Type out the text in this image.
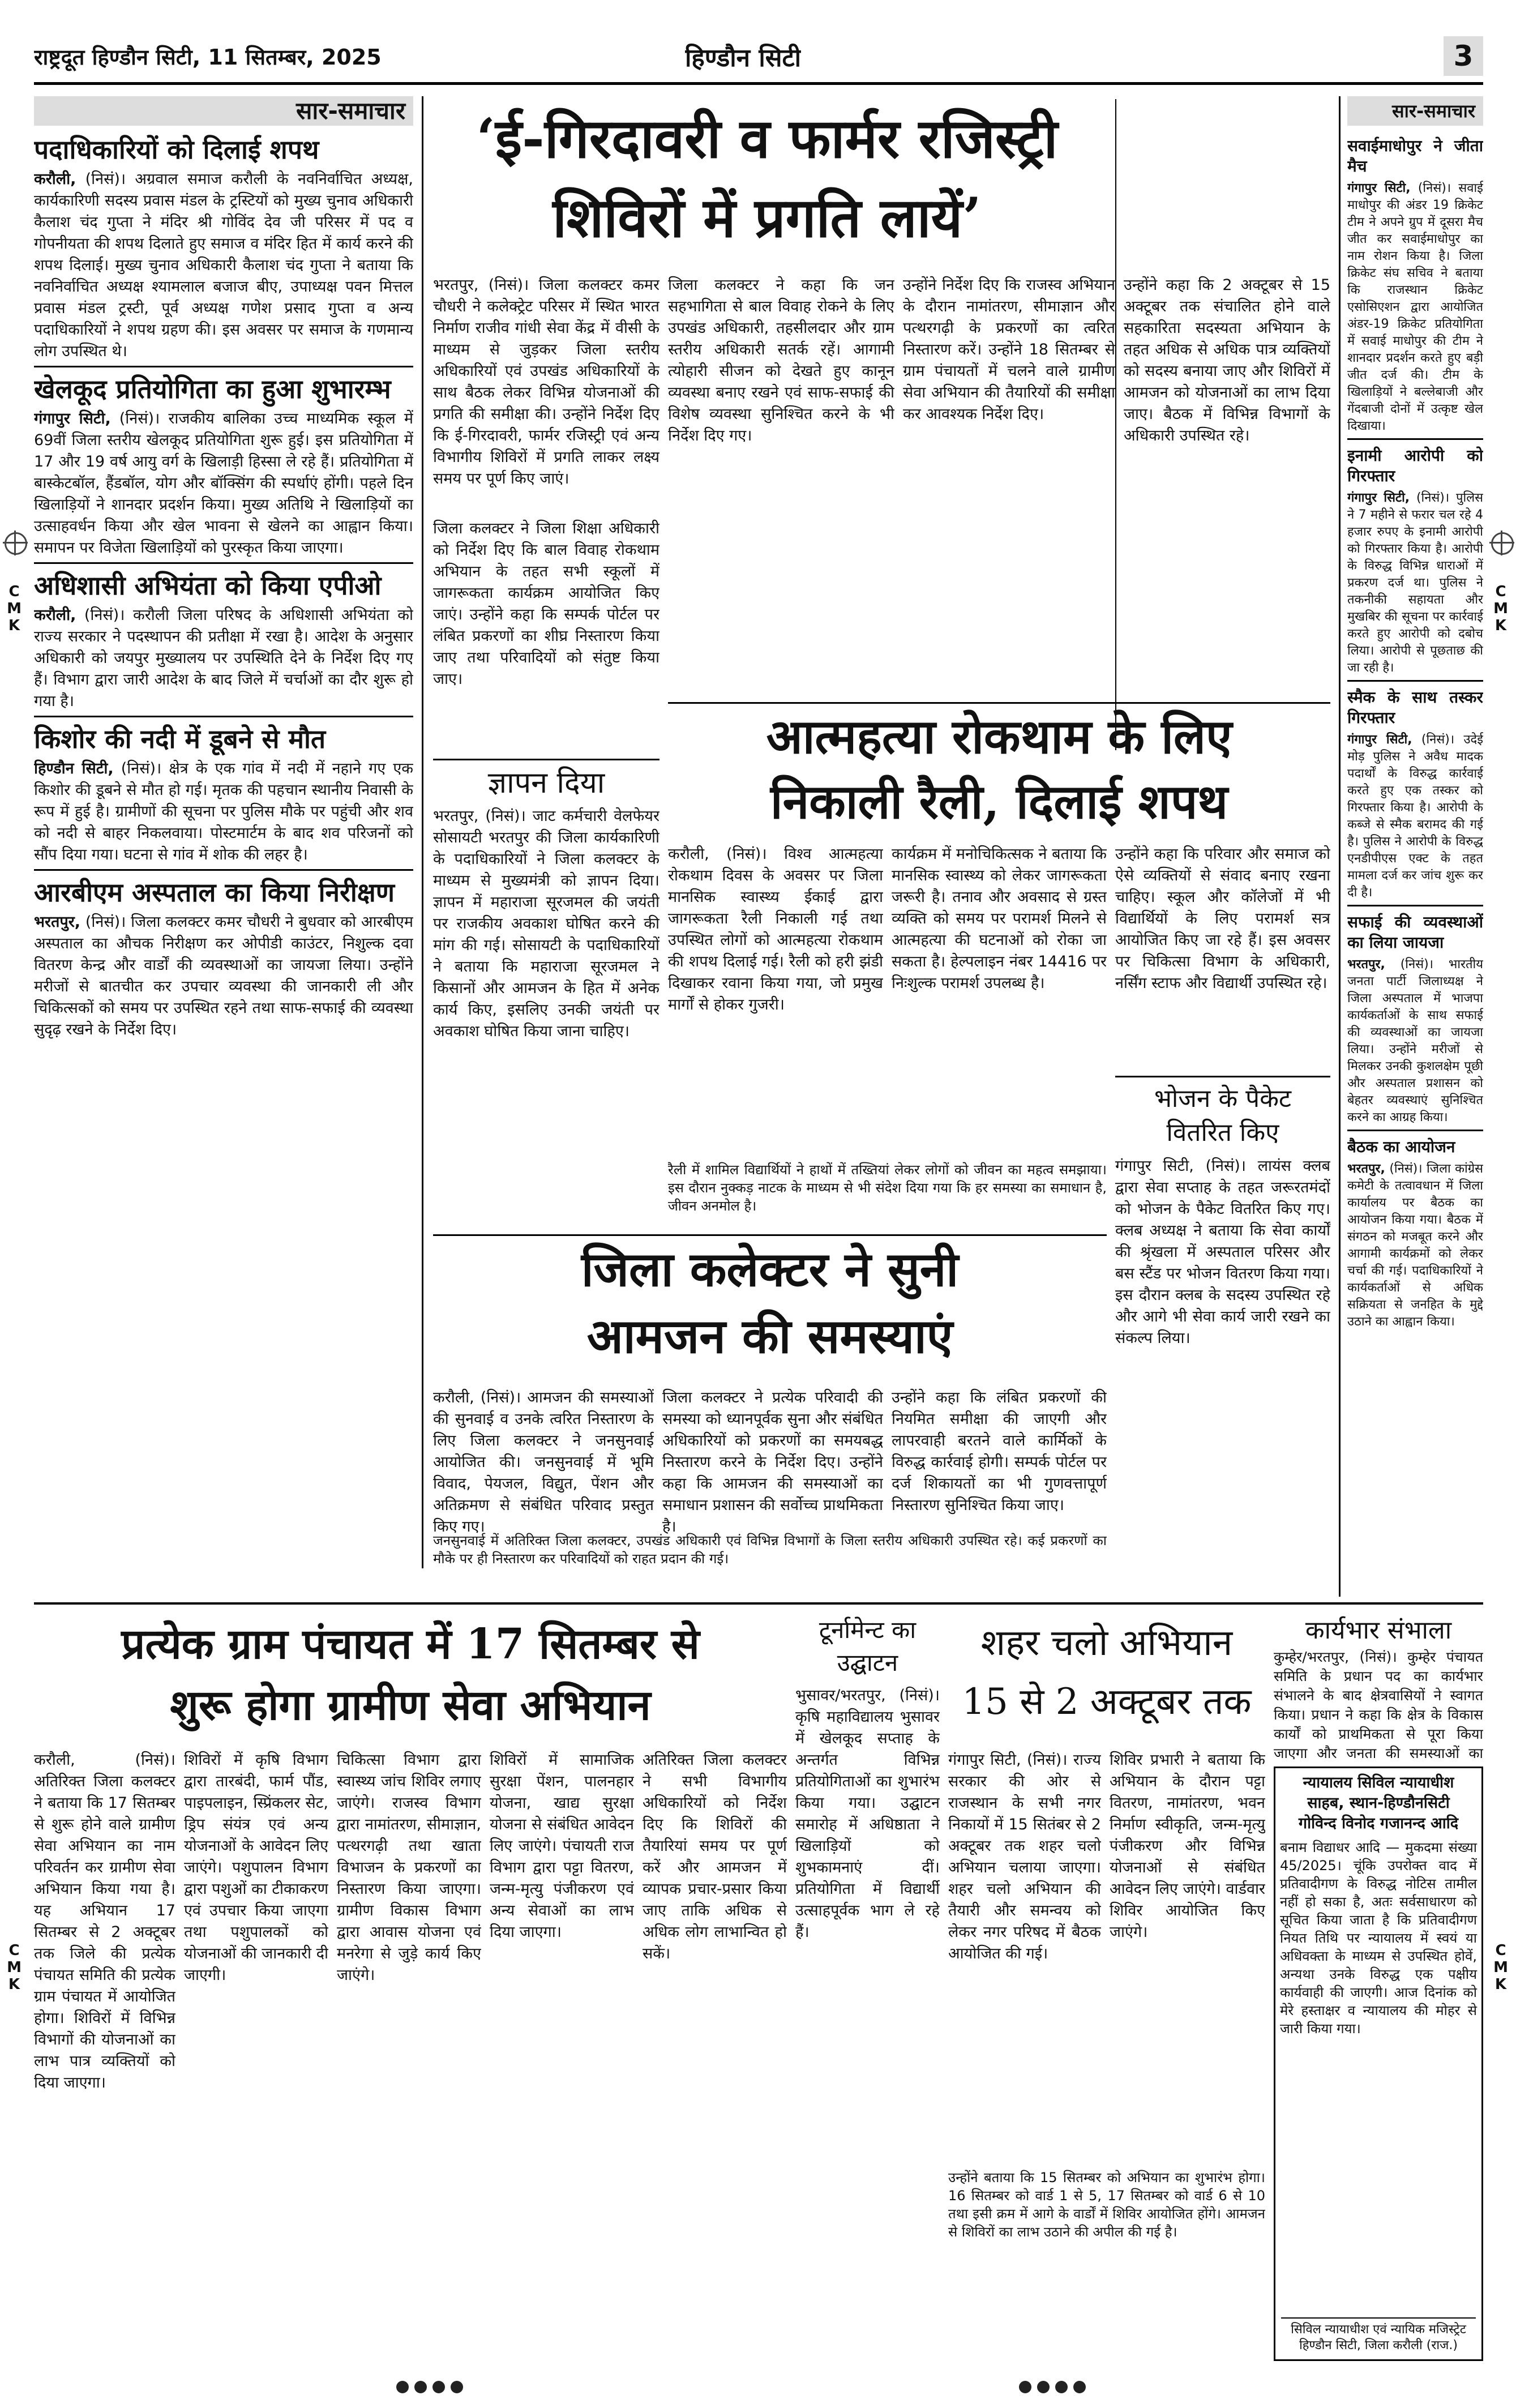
राष्ट्रदूत हिण्डौन सिटी, 11 सितम्बर, 2025	हिण्डौन सिटी	3
C M K
C M K
C M K
C M K
सार-समाचार
पदाधिकारियों को दिलाई शपथ

करौली, (निसं)। अग्रवाल समाज करौली के नवनिर्वाचित अध्यक्ष, कार्यकारिणी सदस्य प्रवास मंडल के ट्रस्टियों को मुख्य चुनाव अधिकारी कैलाश चंद गुप्ता ने मंदिर श्री गोविंद देव जी परिसर में पद व गोपनीयता की शपथ दिलाते हुए समाज व मंदिर हित में कार्य करने की शपथ दिलाई। मुख्य चुनाव अधिकारी कैलाश चंद गुप्ता ने बताया कि नवनिर्वाचित अध्यक्ष श्यामलाल बजाज बीए, उपाध्यक्ष पवन मित्तल प्रवास मंडल ट्रस्टी, पूर्व अध्यक्ष गणेश प्रसाद गुप्ता व अन्य पदाधिकारियों ने शपथ ग्रहण की। इस अवसर पर समाज के गणमान्य लोग उपस्थित थे।

खेलकूद प्रतियोगिता का हुआ शुभारम्भ

गंगापुर सिटी, (निसं)। राजकीय बालिका उच्च माध्यमिक स्कूल में 69वीं जिला स्तरीय खेलकूद प्रतियोगिता शुरू हुई। इस प्रतियोगिता में 17 और 19 वर्ष आयु वर्ग के खिलाड़ी हिस्सा ले रहे हैं। प्रतियोगिता में बास्केटबॉल, हैंडबॉल, योग और बॉक्सिंग की स्पर्धाएं होंगी। पहले दिन खिलाड़ियों ने शानदार प्रदर्शन किया। मुख्य अतिथि ने खिलाड़ियों का उत्साहवर्धन किया और खेल भावना से खेलने का आह्वान किया। समापन पर विजेता खिलाड़ियों को पुरस्कृत किया जाएगा।

अधिशासी अभियंता को किया एपीओ

करौली, (निसं)। करौली जिला परिषद के अधिशासी अभियंता को राज्य सरकार ने पदस्थापन की प्रतीक्षा में रखा है। आदेश के अनुसार अधिकारी को जयपुर मुख्यालय पर उपस्थिति देने के निर्देश दिए गए हैं। विभाग द्वारा जारी आदेश के बाद जिले में चर्चाओं का दौर शुरू हो गया है।

किशोर की नदी में डूबने से मौत

हिण्डौन सिटी, (निसं)। क्षेत्र के एक गांव में नदी में नहाने गए एक किशोर की डूबने से मौत हो गई। मृतक की पहचान स्थानीय निवासी के रूप में हुई है। ग्रामीणों की सूचना पर पुलिस मौके पर पहुंची और शव को नदी से बाहर निकलवाया। पोस्टमार्टम के बाद शव परिजनों को सौंप दिया गया। घटना से गांव में शोक की लहर है।

आरबीएम अस्पताल का किया निरीक्षण

भरतपुर, (निसं)। जिला कलक्टर कमर चौधरी ने बुधवार को आरबीएम अस्पताल का औचक निरीक्षण कर ओपीडी काउंटर, निशुल्क दवा वितरण केन्द्र और वार्डों की व्यवस्थाओं का जायजा लिया। उन्होंने मरीजों से बातचीत कर उपचार व्यवस्था की जानकारी ली और चिकित्सकों को समय पर उपस्थित रहने तथा साफ-सफाई की व्यवस्था सुदृढ़ रखने के निर्देश दिए।

‘ई-गिरदावरी व फार्मर रजिस्ट्री
शिविरों में प्रगति लायें’
भरतपुर, (निसं)। जिला कलक्टर कमर चौधरी ने कलेक्ट्रेट परिसर में स्थित भारत निर्माण राजीव गांधी सेवा केंद्र में वीसी के माध्यम से जुड़कर जिला स्तरीय अधिकारियों एवं उपखंड अधिकारियों के साथ बैठक लेकर विभिन्न योजनाओं की प्रगति की समीक्षा की। उन्होंने निर्देश दिए कि ई-गिरदावरी, फार्मर रजिस्ट्री एवं अन्य विभागीय शिविरों में प्रगति लाकर लक्ष्य समय पर पूर्ण किए जाएं।
जिला कलक्टर ने जिला शिक्षा अधिकारी को निर्देश दिए कि बाल विवाह रोकथाम अभियान के तहत सभी स्कूलों में जागरूकता कार्यक्रम आयोजित किए जाएं। उन्होंने कहा कि सम्पर्क पोर्टल पर लंबित प्रकरणों का शीघ्र निस्तारण किया जाए तथा परिवादियों को संतुष्ट किया जाए।
जिला कलक्टर ने कहा कि जन सहभागिता से बाल विवाह रोकने के लिए उपखंड अधिकारी, तहसीलदार और ग्राम स्तरीय अधिकारी सतर्क रहें। आगामी त्योहारी सीजन को देखते हुए कानून व्यवस्था बनाए रखने एवं साफ-सफाई की विशेष व्यवस्था सुनिश्चित करने के भी निर्देश दिए गए।
उन्होंने निर्देश दिए कि राजस्व अभियान के दौरान नामांतरण, सीमाज्ञान और पत्थरगढ़ी के प्रकरणों का त्वरित निस्तारण करें। उन्होंने 18 सितम्बर से ग्राम पंचायतों में चलने वाले ग्रामीण सेवा अभियान की तैयारियों की समीक्षा कर आवश्यक निर्देश दिए।
उन्होंने कहा कि 2 अक्टूबर से 15 अक्टूबर तक संचालित होने वाले सहकारिता सदस्यता अभियान के तहत अधिक से अधिक पात्र व्यक्तियों को सदस्य बनाया जाए और शिविरों में आमजन को योजनाओं का लाभ दिया जाए। बैठक में विभिन्न विभागों के अधिकारी उपस्थित रहे।
ज्ञापन दिया
भरतपुर, (निसं)। जाट कर्मचारी वेलफेयर सोसायटी भरतपुर की जिला कार्यकारिणी के पदाधिकारियों ने जिला कलक्टर के माध्यम से मुख्यमंत्री को ज्ञापन दिया। ज्ञापन में महाराजा सूरजमल की जयंती पर राजकीय अवकाश घोषित करने की मांग की गई। सोसायटी के पदाधिकारियों ने बताया कि महाराजा सूरजमल ने किसानों और आमजन के हित में अनेक कार्य किए, इसलिए उनकी जयंती पर अवकाश घोषित किया जाना चाहिए।
आत्महत्या रोकथाम के लिए
निकाली रैली, दिलाई शपथ
करौली, (निसं)। विश्व आत्महत्या रोकथाम दिवस के अवसर पर जिला मानसिक स्वास्थ्य ईकाई द्वारा जागरूकता रैली निकाली गई तथा उपस्थित लोगों को आत्महत्या रोकथाम की शपथ दिलाई गई। रैली को हरी झंडी दिखाकर रवाना किया गया, जो प्रमुख मार्गों से होकर गुजरी।
कार्यक्रम में मनोचिकित्सक ने बताया कि मानसिक स्वास्थ्य को लेकर जागरूकता जरूरी है। तनाव और अवसाद से ग्रस्त व्यक्ति को समय पर परामर्श मिलने से आत्महत्या की घटनाओं को रोका जा सकता है। हेल्पलाइन नंबर 14416 पर निःशुल्क परामर्श उपलब्ध है।
उन्होंने कहा कि परिवार और समाज को ऐसे व्यक्तियों से संवाद बनाए रखना चाहिए। स्कूल और कॉलेजों में भी विद्यार्थियों के लिए परामर्श सत्र आयोजित किए जा रहे हैं। इस अवसर पर चिकित्सा विभाग के अधिकारी, नर्सिंग स्टाफ और विद्यार्थी उपस्थित रहे।
भोजन के पैकेट
वितरित किए
गंगापुर सिटी, (निसं)। लायंस क्लब द्वारा सेवा सप्ताह के तहत जरूरतमंदों को भोजन के पैकेट वितरित किए गए। क्लब अध्यक्ष ने बताया कि सेवा कार्यों की श्रृंखला में अस्पताल परिसर और बस स्टैंड पर भोजन वितरण किया गया। इस दौरान क्लब के सदस्य उपस्थित रहे और आगे भी सेवा कार्य जारी रखने का संकल्प लिया।
जिला कलेक्टर ने सुनी
आमजन की समस्याएं
करौली, (निसं)। आमजन की समस्याओं की सुनवाई व उनके त्वरित निस्तारण के लिए जिला कलक्टर ने जनसुनवाई आयोजित की। जनसुनवाई में भूमि विवाद, पेयजल, विद्युत, पेंशन और अतिक्रमण से संबंधित परिवाद प्रस्तुत किए गए।
जिला कलक्टर ने प्रत्येक परिवादी की समस्या को ध्यानपूर्वक सुना और संबंधित अधिकारियों को प्रकरणों का समयबद्ध निस्तारण करने के निर्देश दिए। उन्होंने कहा कि आमजन की समस्याओं का समाधान प्रशासन की सर्वोच्च प्राथमिकता है।
उन्होंने कहा कि लंबित प्रकरणों की नियमित समीक्षा की जाएगी और लापरवाही बरतने वाले कार्मिकों के विरुद्ध कार्रवाई होगी। सम्पर्क पोर्टल पर दर्ज शिकायतों का भी गुणवत्तापूर्ण निस्तारण सुनिश्चित किया जाए।
सार-समाचार
प्रत्येक ग्राम पंचायत में 17 सितम्बर से
शुरू होगा ग्रामीण सेवा अभियान
करौली, (निसं)। अतिरिक्त जिला कलक्टर ने बताया कि 17 सितम्बर से शुरू होने वाले ग्रामीण सेवा अभियान का नाम परिवर्तन कर ग्रामीण सेवा अभियान किया गया है। यह अभियान 17 सितम्बर से 2 अक्टूबर तक जिले की प्रत्येक पंचायत समिति की प्रत्येक ग्राम पंचायत में आयोजित होगा। शिविरों में विभिन्न विभागों की योजनाओं का लाभ पात्र व्यक्तियों को दिया जाएगा।
शिविरों में कृषि विभाग द्वारा तारबंदी, फार्म पौंड, पाइपलाइन, स्प्रिंकलर सेट, ड्रिप संयंत्र एवं अन्य योजनाओं के आवेदन लिए जाएंगे। पशुपालन विभाग द्वारा पशुओं का टीकाकरण एवं उपचार किया जाएगा तथा पशुपालकों को योजनाओं की जानकारी दी जाएगी।
चिकित्सा विभाग द्वारा स्वास्थ्य जांच शिविर लगाए जाएंगे। राजस्व विभाग द्वारा नामांतरण, सीमाज्ञान, पत्थरगढ़ी तथा खाता विभाजन के प्रकरणों का निस्तारण किया जाएगा। ग्रामीण विकास विभाग द्वारा आवास योजना एवं मनरेगा से जुड़े कार्य किए जाएंगे।
शिविरों में सामाजिक सुरक्षा पेंशन, पालनहार योजना, खाद्य सुरक्षा योजना से संबंधित आवेदन लिए जाएंगे। पंचायती राज विभाग द्वारा पट्टा वितरण, जन्म-मृत्यु पंजीकरण एवं अन्य सेवाओं का लाभ दिया जाएगा।
अतिरिक्त जिला कलक्टर ने सभी विभागीय अधिकारियों को निर्देश दिए कि शिविरों की तैयारियां समय पर पूर्ण करें और आमजन में व्यापक प्रचार-प्रसार किया जाए ताकि अधिक से अधिक लोग लाभान्वित हो सकें।
टूर्नामेन्ट का
उद्घाटन
भुसावर/भरतपुर, (निसं)। कृषि महाविद्यालय भुसावर में खेलकूद सप्ताह के अन्तर्गत विभिन्न प्रतियोगिताओं का शुभारंभ किया गया। उद्घाटन समारोह में अधिष्ठाता ने खिलाड़ियों को शुभकामनाएं दीं। प्रतियोगिता में विद्यार्थी उत्साहपूर्वक भाग ले रहे हैं।
शहर चलो अभियान
15 से 2 अक्टूबर तक
गंगापुर सिटी, (निसं)। राज्य सरकार की ओर से राजस्थान के सभी नगर निकायों में 15 सितंबर से 2 अक्टूबर तक शहर चलो अभियान चलाया जाएगा। शहर चलो अभियान की तैयारी और समन्वय को लेकर नगर परिषद में बैठक आयोजित की गई।
शिविर प्रभारी ने बताया कि अभियान के दौरान पट्टा वितरण, नामांतरण, भवन निर्माण स्वीकृति, जन्म-मृत्यु पंजीकरण और विभिन्न योजनाओं से संबंधित आवेदन लिए जाएंगे। वार्डवार शिविर आयोजित किए जाएंगे।
कार्यभार संभाला
कुम्हेर/भरतपुर, (निसं)। कुम्हेर पंचायत समिति के प्रधान पद का कार्यभार संभालने के बाद क्षेत्रवासियों ने स्वागत किया। प्रधान ने कहा कि क्षेत्र के विकास कार्यों को प्राथमिकता से पूरा किया जाएगा और जनता की समस्याओं का
न्यायालय सिविल न्यायाधीश
साहब, स्थान-हिण्डौनसिटी
गोविन्द विनोद गजानन्द आदि
बनाम विद्याधर आदि — मुकदमा संख्या 45/2025। चूंकि उपरोक्त वाद में प्रतिवादीगण के विरुद्ध नोटिस तामील नहीं हो सका है, अतः सर्वसाधारण को सूचित किया जाता है कि प्रतिवादीगण नियत तिथि पर न्यायालय में स्वयं या अधिवक्ता के माध्यम से उपस्थित होवें, अन्यथा उनके विरुद्ध एक पक्षीय कार्यवाही की जाएगी। आज दिनांक को मेरे हस्ताक्षर व न्यायालय की मोहर से जारी किया गया।
सिविल न्यायाधीश एवं न्यायिक मजिस्ट्रेट हिण्डौन सिटी, जिला करौली (राज.)
सवाईमाधोपुर ने जीता मैच

गंगापुर सिटी, (निसं)। सवाई माधोपुर की अंडर 19 क्रिकेट टीम ने अपने ग्रुप में दूसरा मैच जीत कर सवाईमाधोपुर का नाम रोशन किया है। जिला क्रिकेट संघ सचिव ने बताया कि राजस्थान क्रिकेट एसोसिएशन द्वारा आयोजित अंडर-19 क्रिकेट प्रतियोगिता में सवाई माधोपुर की टीम ने शानदार प्रदर्शन करते हुए बड़ी जीत दर्ज की। टीम के खिलाड़ियों ने बल्लेबाजी और गेंदबाजी दोनों में उत्कृष्ट खेल दिखाया।

इनामी आरोपी को गिरफ्तार

गंगापुर सिटी, (निसं)। पुलिस ने 7 महीने से फरार चल रहे 4 हजार रुपए के इनामी आरोपी को गिरफ्तार किया है। आरोपी के विरुद्ध विभिन्न धाराओं में प्रकरण दर्ज था। पुलिस ने तकनीकी सहायता और मुखबिर की सूचना पर कार्रवाई करते हुए आरोपी को दबोच लिया। आरोपी से पूछताछ की जा रही है।

स्मैक के साथ तस्कर गिरफ्तार

गंगापुर सिटी, (निसं)। उदेई मोड़ पुलिस ने अवैध मादक पदार्थों के विरुद्ध कार्रवाई करते हुए एक तस्कर को गिरफ्तार किया है। आरोपी के कब्जे से स्मैक बरामद की गई है। पुलिस ने आरोपी के विरुद्ध एनडीपीएस एक्ट के तहत मामला दर्ज कर जांच शुरू कर दी है।

सफाई की व्यवस्थाओं का लिया जायजा

भरतपुर, (निसं)। भारतीय जनता पार्टी जिलाध्यक्ष ने जिला अस्पताल में भाजपा कार्यकर्ताओं के साथ सफाई की व्यवस्थाओं का जायजा लिया। उन्होंने मरीजों से मिलकर उनकी कुशलक्षेम पूछी और अस्पताल प्रशासन को बेहतर व्यवस्थाएं सुनिश्चित करने का आग्रह किया।

बैठक का आयोजन

भरतपुर, (निसं)। जिला कांग्रेस कमेटी के तत्वावधान में जिला कार्यालय पर बैठक का आयोजन किया गया। बैठक में संगठन को मजबूत करने और आगामी कार्यक्रमों को लेकर चर्चा की गई। पदाधिकारियों ने कार्यकर्ताओं से अधिक सक्रियता से जनहित के मुद्दे उठाने का आह्वान किया।

रैली में शामिल विद्यार्थियों ने हाथों में तख्तियां लेकर लोगों को जीवन का महत्व समझाया। इस दौरान नुक्कड़ नाटक के माध्यम से भी संदेश दिया गया कि हर समस्या का समाधान है, जीवन अनमोल है।
जनसुनवाई में अतिरिक्त जिला कलक्टर, उपखंड अधिकारी एवं विभिन्न विभागों के जिला स्तरीय अधिकारी उपस्थित रहे। कई प्रकरणों का मौके पर ही निस्तारण कर परिवादियों को राहत प्रदान की गई।
उन्होंने बताया कि 15 सितम्बर को अभियान का शुभारंभ होगा। 16 सितम्बर को वार्ड 1 से 5, 17 सितम्बर को वार्ड 6 से 10 तथा इसी क्रम में आगे के वार्डों में शिविर आयोजित होंगे। आमजन से शिविरों का लाभ उठाने की अपील की गई है।
